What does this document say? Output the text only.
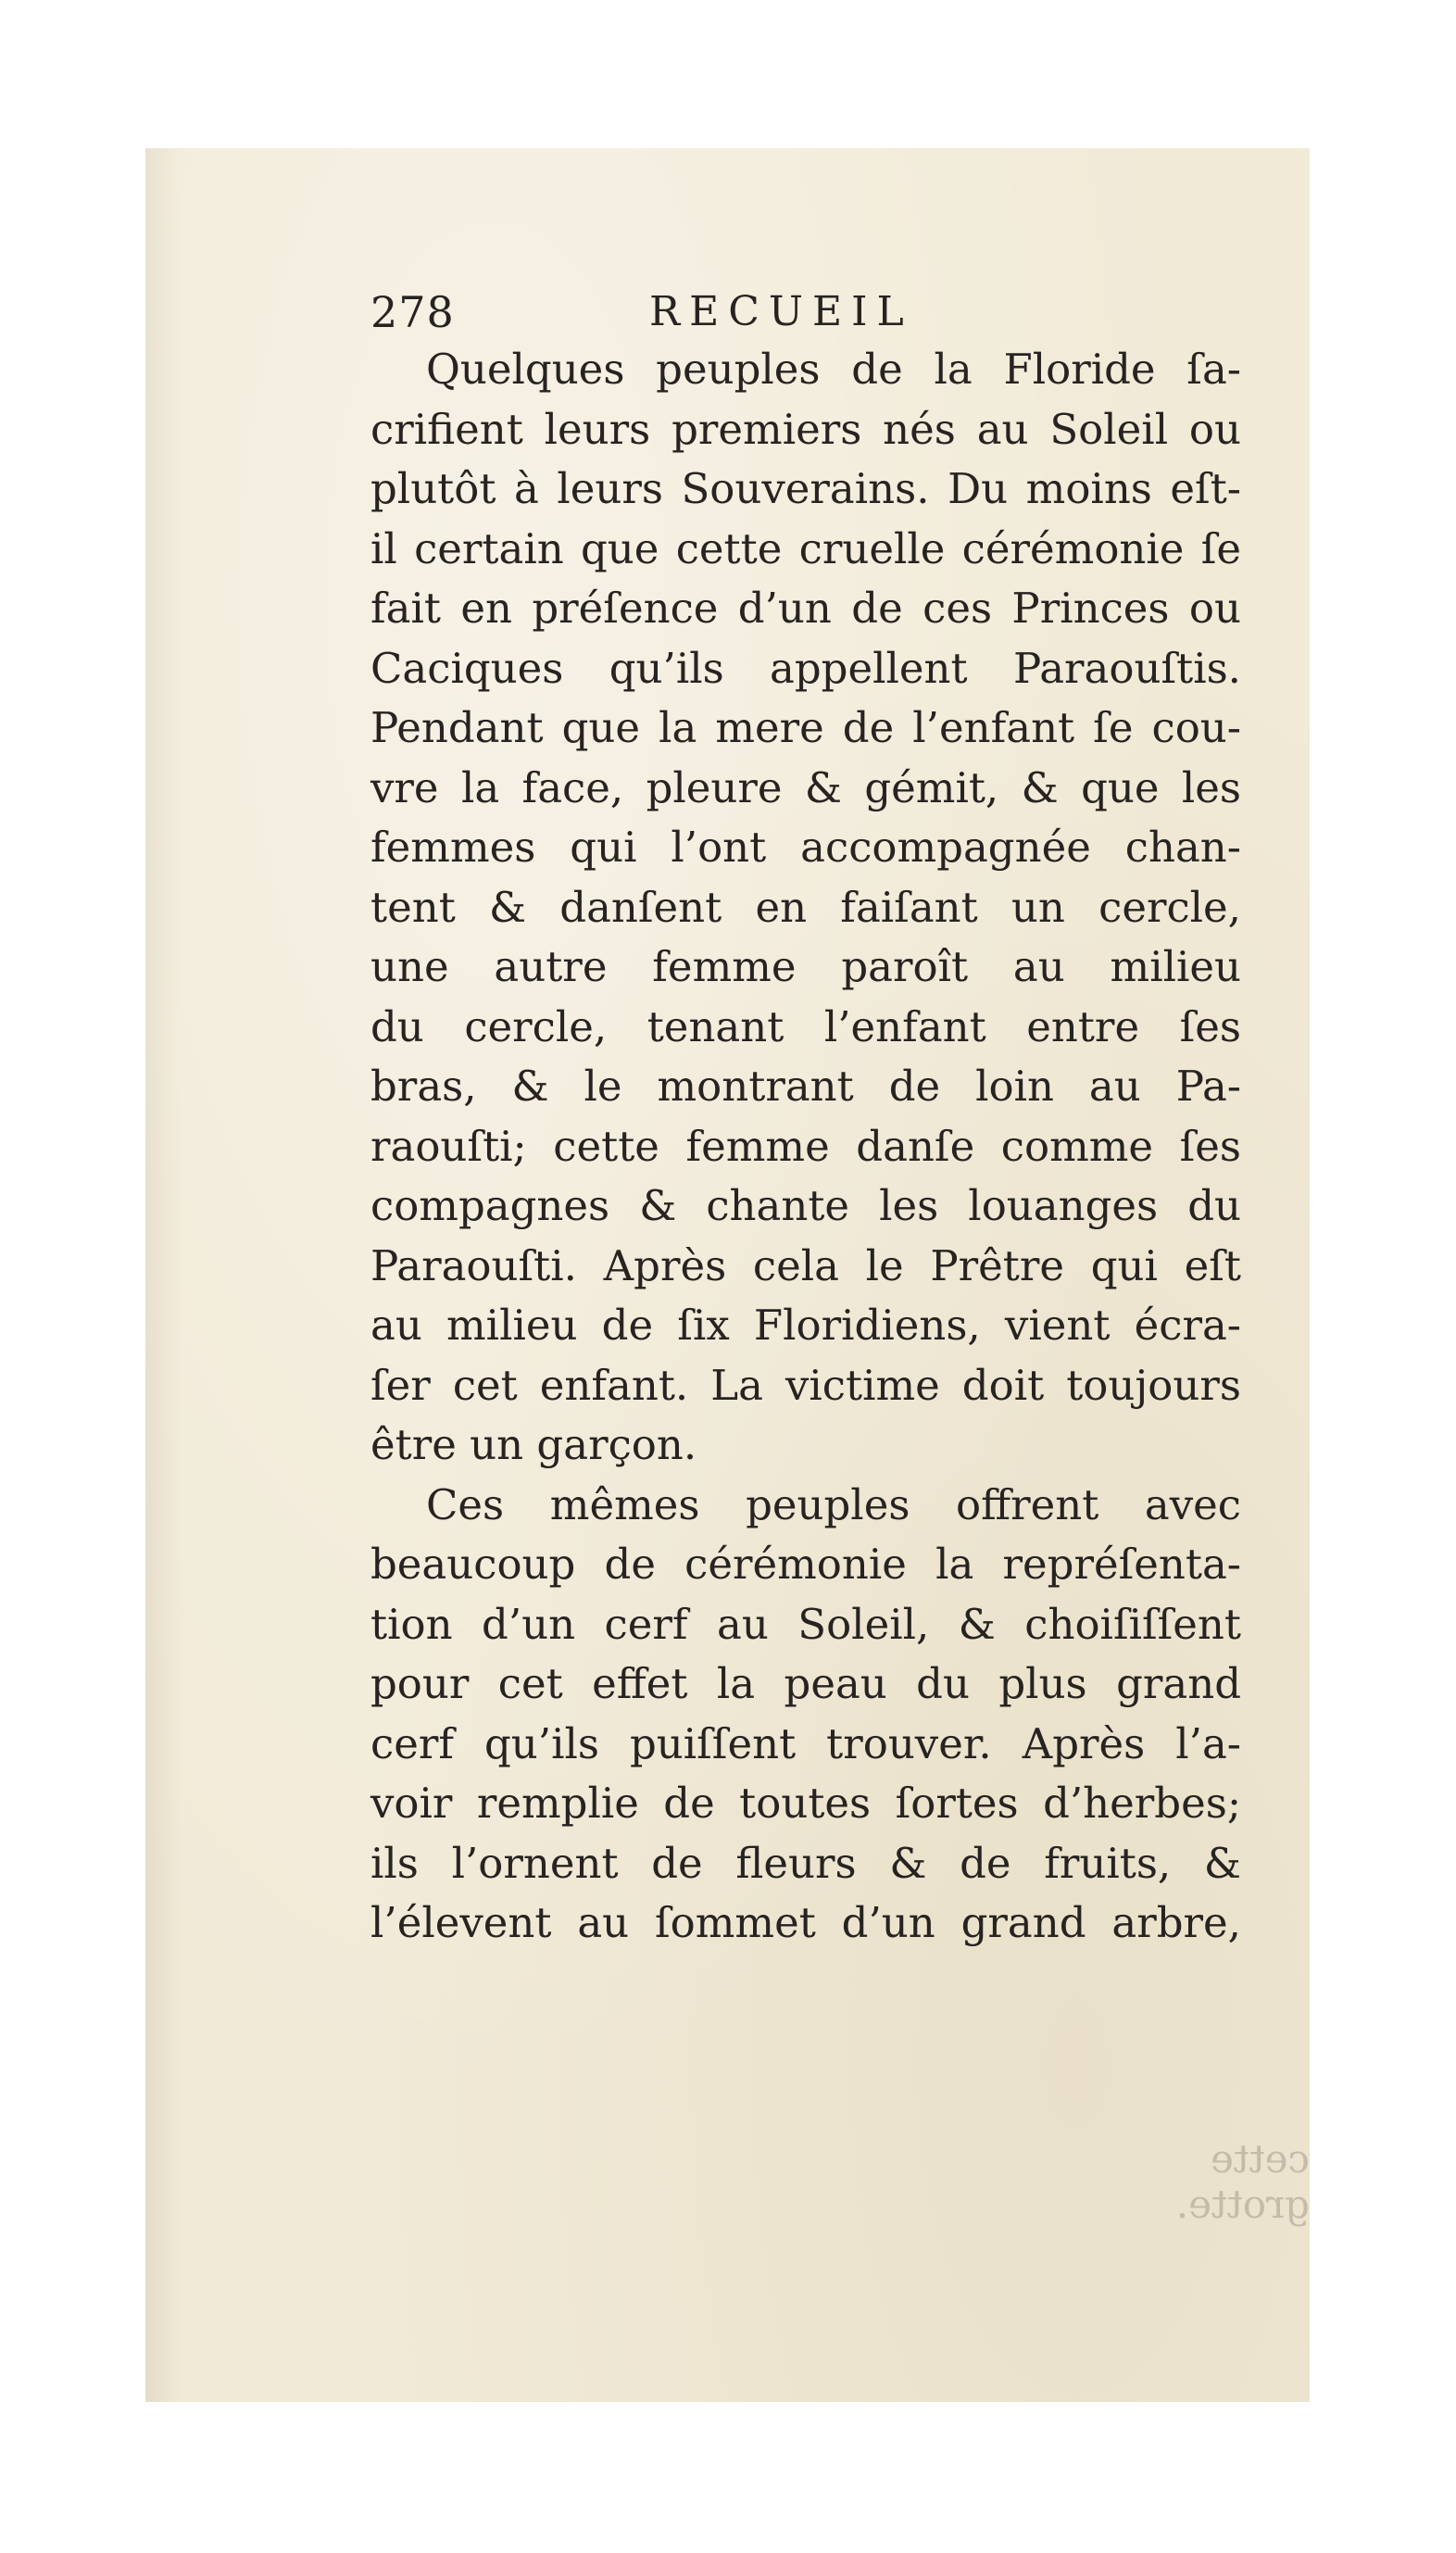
278	RECUEIL
Quelques peuples de la Floride ſa-
crifient leurs premiers nés au Soleil ou
plutôt à leurs Souverains. Du moins eſt-
il certain que cette cruelle cérémonie ſe
fait en préſence d’un de ces Princes ou
Caciques qu’ils appellent Paraouſtis.
Pendant que la mere de l’enfant ſe cou-
vre la face, pleure & gémit, & que les
femmes qui l’ont accompagnée chan-
tent & danſent en faiſant un cercle,
une autre femme paroît au milieu
du cercle, tenant l’enfant entre ſes
bras, & le montrant de loin au Pa-
raouſti; cette femme danſe comme ſes
compagnes & chante les louanges du
Paraouſti. Après cela le Prêtre qui eſt
au milieu de ſix Floridiens, vient écra-
ſer cet enfant. La victime doit toujours
être un garçon.
Ces mêmes peuples offrent avec
beaucoup de cérémonie la repréſenta-
tion d’un cerf au Soleil, & choiſiſſent
pour cet effet la peau du plus grand
cerf qu’ils puiſſent trouver. Après l’a-
voir remplie de toutes ſortes d’herbes;
ils l’ornent de fleurs & de fruits, &
l’élevent au ſommet d’un grand arbre,
cette grotte.
